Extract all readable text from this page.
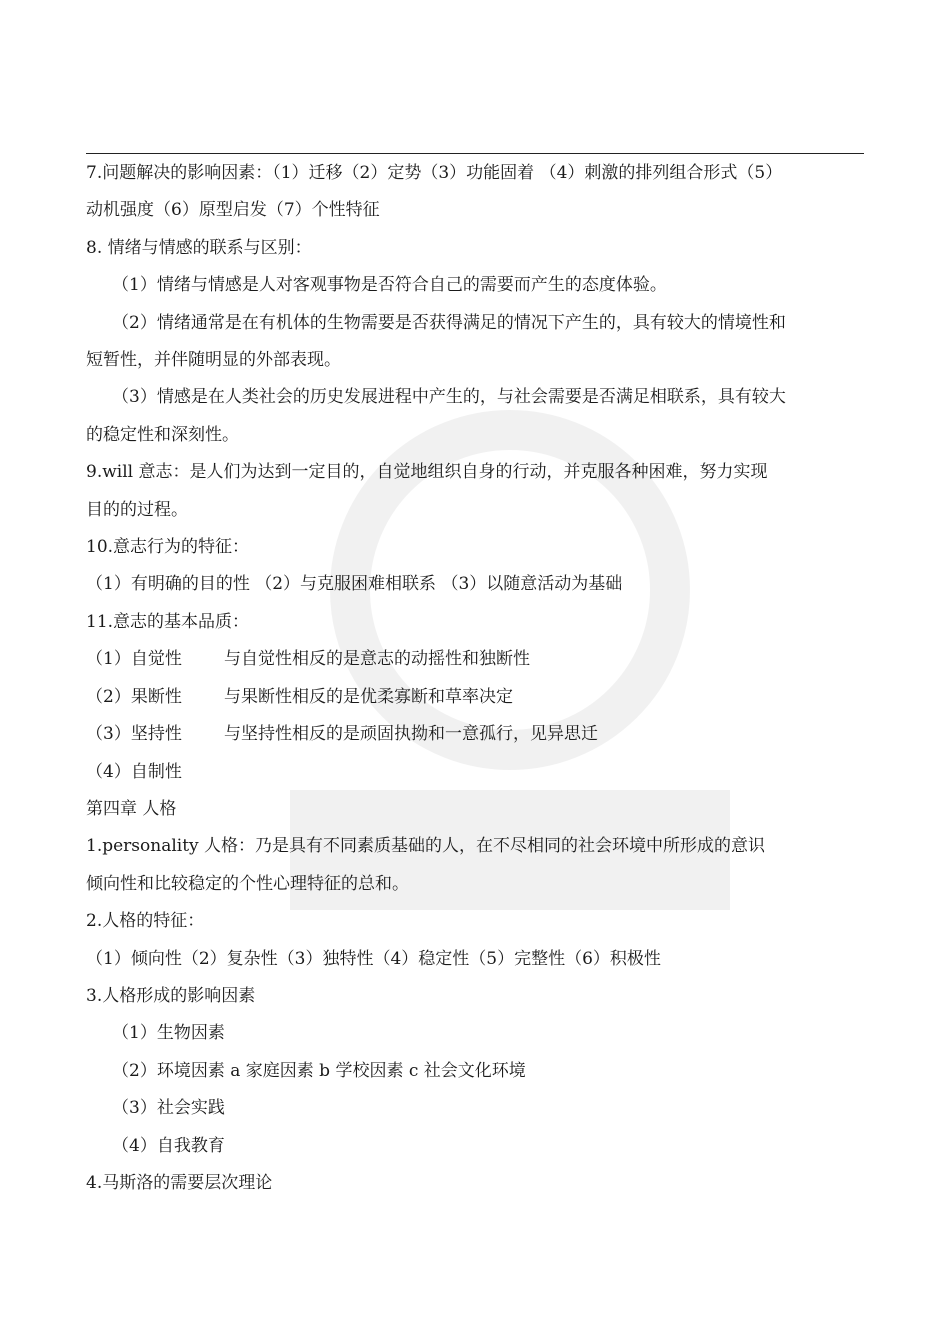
7.问题解决的影响因素：（1）迁移（2）定势（3）功能固着 （4）刺激的排列组合形式（5）

动机强度（6）原型启发（7）个性特征

8. 情绪与情感的联系与区别：

（1）情绪与情感是人对客观事物是否符合自己的需要而产生的态度体验。

（2）情绪通常是在有机体的生物需要是否获得满足的情况下产生的，具有较大的情境性和

短暂性，并伴随明显的外部表现。

（3）情感是在人类社会的历史发展进程中产生的，与社会需要是否满足相联系，具有较大

的稳定性和深刻性。

9.will 意志：是人们为达到一定目的，自觉地组织自身的行动，并克服各种困难，努力实现

目的的过程。

10.意志行为的特征：

（1）有明确的目的性 （2）与克服困难相联系 （3）以随意活动为基础

11.意志的基本品质：

（1）自觉性 与自觉性相反的是意志的动摇性和独断性

（2）果断性 与果断性相反的是优柔寡断和草率决定

（3）坚持性 与坚持性相反的是顽固执拗和一意孤行，见异思迁

（4）自制性

第四章 人格

1.personality 人格：乃是具有不同素质基础的人，在不尽相同的社会环境中所形成的意识

倾向性和比较稳定的个性心理特征的总和。

2.人格的特征：

（1）倾向性（2）复杂性（3）独特性（4）稳定性（5）完整性（6）积极性

3.人格形成的影响因素

（1）生物因素

（2）环境因素 a 家庭因素 b 学校因素 c 社会文化环境

（3）社会实践

（4）自我教育

4.马斯洛的需要层次理论
